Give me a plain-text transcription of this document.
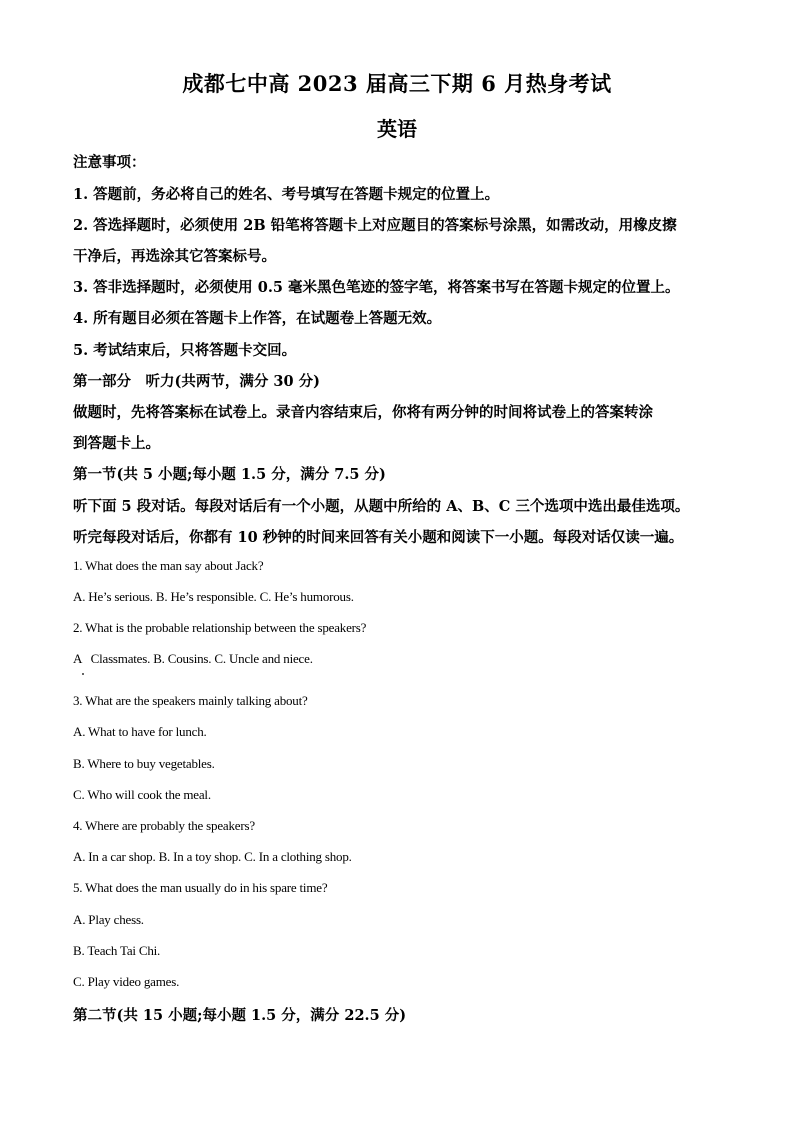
成都七中高 2023 届高三下期 6 月热身考试
英语
注意事项：
1. 答题前，务必将自己的姓名、考号填写在答题卡规定的位置上。
2. 答选择题时，必须使用 2B 铅笔将答题卡上对应题目的答案标号涂黑，如需改动，用橡皮擦
干净后，再选涂其它答案标号。
3. 答非选择题时，必须使用 0.5 毫米黑色笔迹的签字笔，将答案书写在答题卡规定的位置上。
4. 所有题目必须在答题卡上作答，在试题卷上答题无效。
5. 考试结束后，只将答题卡交回。
第一部分　听力(共两节，满分 30 分)
做题时，先将答案标在试卷上。录音内容结束后，你将有两分钟的时间将试卷上的答案转涂
到答题卡上。
第一节(共 5 小题;每小题 1.5 分，满分 7.5 分)
听下面 5 段对话。每段对话后有一个小题，从题中所给的 A、B、C 三个选项中选出最佳选项。
听完每段对话后，你都有 10 秒钟的时间来回答有关小题和阅读下一小题。每段对话仅读一遍。
1. What does the man say about Jack?
A. He’s serious. B. He’s responsible. C. He’s humorous.
2. What is the probable relationship between the speakers?
A   Classmates. B. Cousins. C. Uncle and niece.
3. What are the speakers mainly talking about?
A. What to have for lunch.
B. Where to buy vegetables.
C. Who will cook the meal.
4. Where are probably the speakers?
A. In a car shop. B. In a toy shop. C. In a clothing shop.
5. What does the man usually do in his spare time?
A. Play chess.
B. Teach Tai Chi.
C. Play video games.
第二节(共 15 小题;每小题 1.5 分，满分 22.5 分)
